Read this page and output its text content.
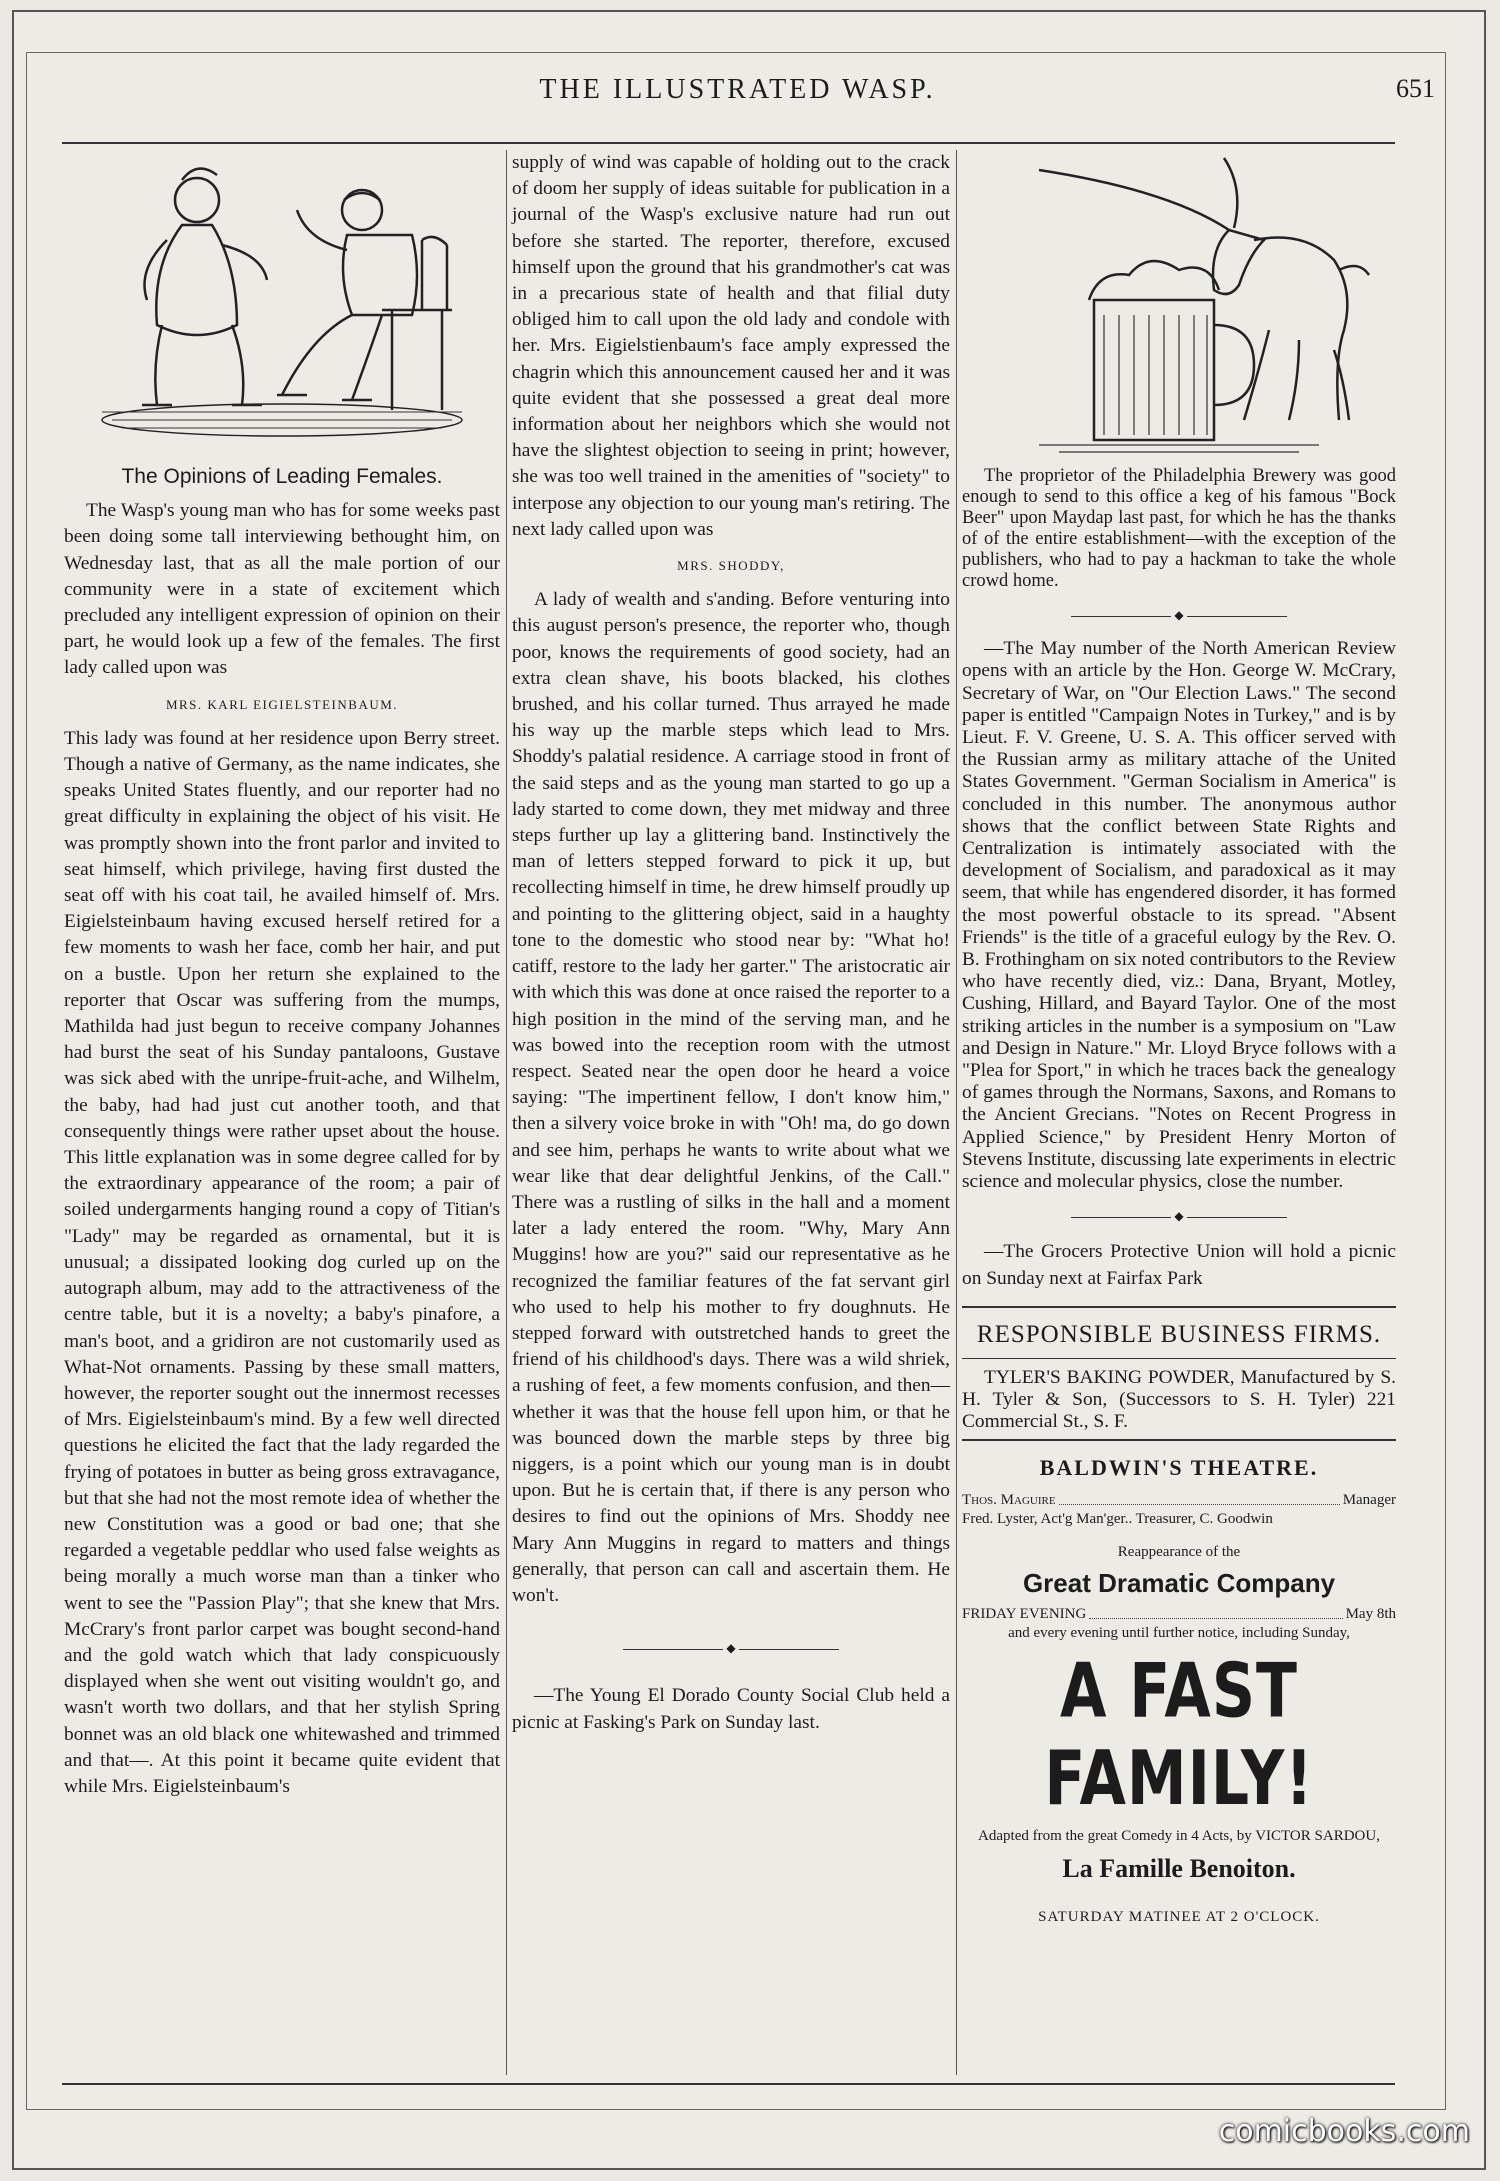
THE ILLUSTRATED WASP.	651
The Opinions of Leading Females.

The Wasp's young man who has for some weeks past been doing some tall interviewing bethought him, on Wednesday last, that as all the male portion of our community were in a state of excitement which precluded any intelligent expression of opinion on their part, he would look up a few of the females. The first lady called upon was

MRS. KARL EIGIELSTEINBAUM.

This lady was found at her residence upon Berry street. Though a native of Germany, as the name indicates, she speaks United States fluently, and our reporter had no great difficulty in explaining the object of his visit. He was promptly shown into the front parlor and invited to seat himself, which privilege, having first dusted the seat off with his coat tail, he availed himself of. Mrs. Eigielsteinbaum having excused herself retired for a few moments to wash her face, comb her hair, and put on a bustle. Upon her return she explained to the reporter that Oscar was suffering from the mumps, Mathilda had just begun to receive company Johannes had burst the seat of his Sunday pantaloons, Gustave was sick abed with the unripe-fruit-ache, and Wilhelm, the baby, had had just cut another tooth, and that consequently things were rather upset about the house. This little explanation was in some degree called for by the extraordinary appearance of the room; a pair of soiled undergarments hanging round a copy of Titian's "Lady" may be regarded as ornamental, but it is unusual; a dissipated looking dog curled up on the autograph album, may add to the attractiveness of the centre table, but it is a novelty; a baby's pinafore, a man's boot, and a gridiron are not customarily used as What-Not ornaments. Passing by these small matters, however, the reporter sought out the innermost recesses of Mrs. Eigielsteinbaum's mind. By a few well directed questions he elicited the fact that the lady regarded the frying of potatoes in butter as being gross extravagance, but that she had not the most remote idea of whether the new Constitution was a good or bad one; that she regarded a vegetable peddlar who used false weights as being morally a much worse man than a tinker who went to see the "Passion Play"; that she knew that Mrs. McCrary's front parlor carpet was bought second-hand and the gold watch which that lady conspicuously displayed when she went out visiting wouldn't go, and wasn't worth two dollars, and that her stylish Spring bonnet was an old black one whitewashed and trimmed and that—. At this point it became quite evident that while Mrs. Eigielsteinbaum's

supply of wind was capable of holding out to the crack of doom her supply of ideas suitable for publication in a journal of the Wasp's exclusive nature had run out before she started. The reporter, therefore, excused himself upon the ground that his grandmother's cat was in a precarious state of health and that filial duty obliged him to call upon the old lady and condole with her. Mrs. Eigielstienbaum's face amply expressed the chagrin which this announcement caused her and it was quite evident that she possessed a great deal more information about her neighbors which she would not have the slightest objection to seeing in print; however, she was too well trained in the amenities of "society" to interpose any objection to our young man's retiring. The next lady called upon was

MRS. SHODDY,

A lady of wealth and s'anding. Before venturing into this august person's presence, the reporter who, though poor, knows the requirements of good society, had an extra clean shave, his boots blacked, his clothes brushed, and his collar turned. Thus arrayed he made his way up the marble steps which lead to Mrs. Shoddy's palatial residence. A carriage stood in front of the said steps and as the young man started to go up a lady started to come down, they met midway and three steps further up lay a glittering band. Instinctively the man of letters stepped forward to pick it up, but recollecting himself in time, he drew himself proudly up and pointing to the glittering object, said in a haughty tone to the domestic who stood near by: "What ho! catiff, restore to the lady her garter." The aristocratic air with which this was done at once raised the reporter to a high position in the mind of the serving man, and he was bowed into the reception room with the utmost respect. Seated near the open door he heard a voice saying: "The impertinent fellow, I don't know him," then a silvery voice broke in with "Oh! ma, do go down and see him, perhaps he wants to write about what we wear like that dear delightful Jenkins, of the Call." There was a rustling of silks in the hall and a moment later a lady entered the room. "Why, Mary Ann Muggins! how are you?" said our representative as he recognized the familiar features of the fat servant girl who used to help his mother to fry doughnuts. He stepped forward with outstretched hands to greet the friend of his childhood's days. There was a wild shriek, a rushing of feet, a few moments confusion, and then—whether it was that the house fell upon him, or that he was bounced down the marble steps by three big niggers, is a point which our young man is in doubt upon. But he is certain that, if there is any person who desires to find out the opinions of Mrs. Shoddy nee Mary Ann Muggins in regard to matters and things generally, that person can call and ascertain them. He won't.

◆

—The Young El Dorado County Social Club held a picnic at Fasking's Park on Sunday last.

The proprietor of the Philadelphia Brewery was good enough to send to this office a keg of his famous "Bock Beer" upon Maydap last past, for which he has the thanks of of the entire establishment—with the exception of the publishers, who had to pay a hackman to take the whole crowd home.

◆

—The May number of the North American Review opens with an article by the Hon. George W. McCrary, Secretary of War, on "Our Election Laws." The second paper is entitled "Campaign Notes in Turkey," and is by Lieut. F. V. Greene, U. S. A. This officer served with the Russian army as military attache of the United States Government. "German Socialism in America" is concluded in this number. The anonymous author shows that the conflict between State Rights and Centralization is intimately associated with the development of Socialism, and paradoxical as it may seem, that while has engendered disorder, it has formed the most powerful obstacle to its spread. "Absent Friends" is the title of a graceful eulogy by the Rev. O. B. Frothingham on six noted contributors to the Review who have recently died, viz.: Dana, Bryant, Motley, Cushing, Hillard, and Bayard Taylor. One of the most striking articles in the number is a symposium on "Law and Design in Nature." Mr. Lloyd Bryce follows with a "Plea for Sport," in which he traces back the genealogy of games through the Normans, Saxons, and Romans to the Ancient Grecians. "Notes on Recent Progress in Applied Science," by President Henry Morton of Stevens Institute, discussing late experiments in electric science and molecular physics, close the number.

◆

—The Grocers Protective Union will hold a picnic on Sunday next at Fairfax Park

RESPONSIBLE BUSINESS FIRMS.

TYLER'S BAKING POWDER, Manufactured by S. H. Tyler & Son, (Successors to S. H. Tyler) 221 Commercial St., S. F.

BALDWIN'S THEATRE.
Thos. Maguire	Manager
Fred. Lyster, Act'g Man'ger.. Treasurer, C. Goodwin
Reappearance of the
Great Dramatic Company
FRIDAY EVENING	May 8th
and every evening until further notice, including Sunday,
A FAST FAMILY!
Adapted from the great Comedy in 4 Acts, by VICTOR SARDOU,
La Famille Benoiton.
SATURDAY MATINEE AT 2 O'CLOCK.
comicbooks.com
